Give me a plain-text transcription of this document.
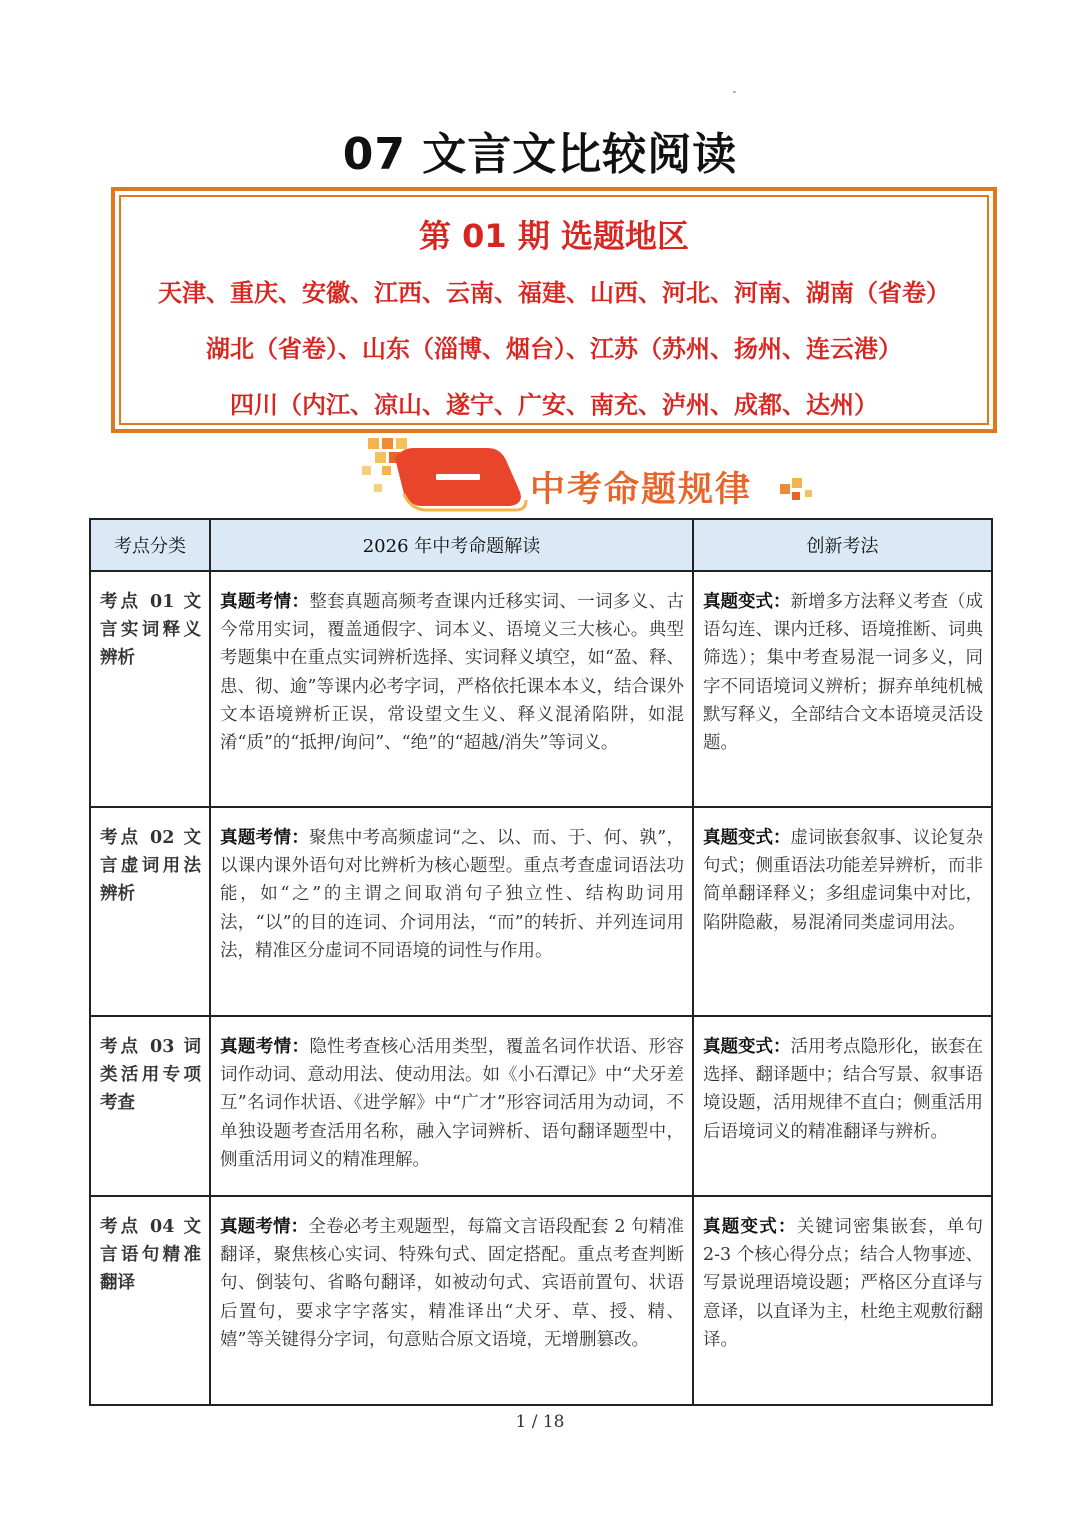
07 文言文比较阅读
第 01 期 选题地区
天津、重庆、安徽、江西、云南、福建、山西、河北、河南、湖南（省卷）
湖北（省卷）、山东（淄博、烟台）、江苏（苏州、扬州、连云港）
四川（内江、凉山、遂宁、广安、南充、泸州、成都、达州）
中考命题规律
考点分类	2026 年中考命题解读	创新考法
考点 01 文言实词释义辨析	真题考情：整套真题高频考查课内迁移实词、一词多义、古今常用实词，覆盖通假字、词本义、语境义三大核心。典型考题集中在重点实词辨析选择、实词释义填空，如“盈、释、患、彻、逾”等课内必考字词，严格依托课本本义，结合课外文本语境辨析正误，常设望文生义、释义混淆陷阱，如混淆“质”的“抵押/询问”、“绝”的“超越/消失”等词义。	真题变式：新增多方法释义考查（成语勾连、课内迁移、语境推断、词典筛选）；集中考查易混一词多义，同字不同语境词义辨析；摒弃单纯机械默写释义，全部结合文本语境灵活设题。
考点 02 文言虚词用法辨析	真题考情：聚焦中考高频虚词“之、以、而、于、何、孰”，以课内课外语句对比辨析为核心题型。重点考查虚词语法功能，如“之”的主谓之间取消句子独立性、结构助词用法，“以”的目的连词、介词用法，“而”的转折、并列连词用法，精准区分虚词不同语境的词性与作用。	真题变式：虚词嵌套叙事、议论复杂句式；侧重语法功能差异辨析，而非简单翻译释义；多组虚词集中对比，陷阱隐蔽，易混淆同类虚词用法。
考点 03 词类活用专项考查	真题考情：隐性考查核心活用类型，覆盖名词作状语、形容词作动词、意动用法、使动用法。如《小石潭记》中“犬牙差互”名词作状语、《进学解》中“广才”形容词活用为动词，不单独设题考查活用名称，融入字词辨析、语句翻译题型中，侧重活用词义的精准理解。	真题变式：活用考点隐形化，嵌套在选择、翻译题中；结合写景、叙事语境设题，活用规律不直白；侧重活用后语境词义的精准翻译与辨析。
考点 04 文言语句精准翻译	真题考情：全卷必考主观题型，每篇文言语段配套 2 句精准翻译，聚焦核心实词、特殊句式、固定搭配。重点考查判断句、倒装句、省略句翻译，如被动句式、宾语前置句、状语后置句，要求字字落实，精准译出“犬牙、草、授、精、嬉”等关键得分字词，句意贴合原文语境，无增删篡改。	真题变式：关键词密集嵌套，单句 2-3 个核心得分点；结合人物事迹、写景说理语境设题；严格区分直译与意译，以直译为主，杜绝主观敷衍翻译。
1 / 18
